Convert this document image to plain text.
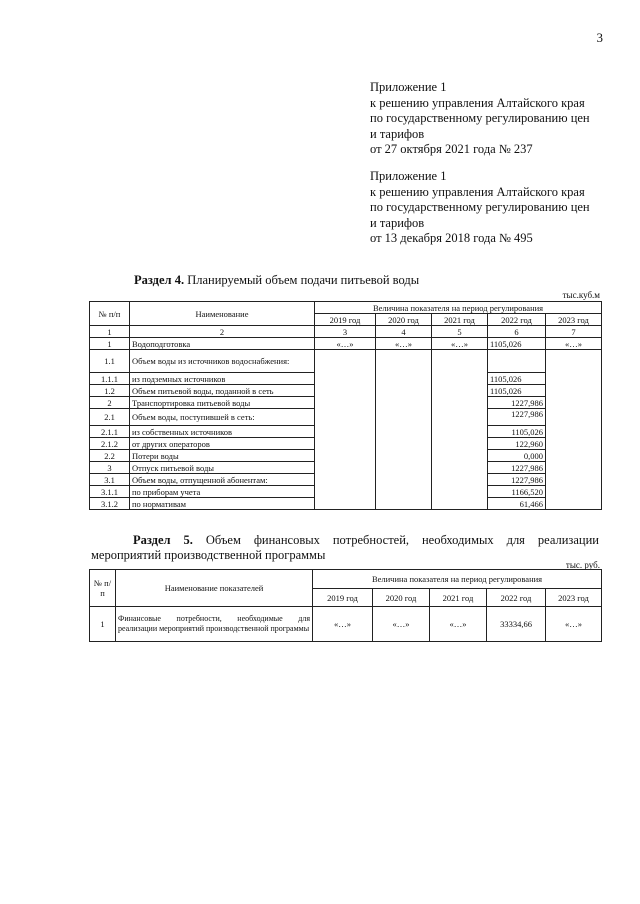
3
Приложение 1
к решению управления Алтайского края
по государственному регулированию цен
и тарифов
от 27 октября 2021 года № 237
Приложение 1
к решению управления Алтайского края
по государственному регулированию цен
и тарифов
от 13 декабря 2018 года № 495
Раздел 4. Планируемый объем подачи питьевой воды
тыс.куб.м
№ п/п	Наименование	Величина показателя на период регулирования				
		2019 год	2020 год	2021 год	2022 год	2023 год
1	2	3	4	5	6	7
1	Водоподготовка	«…»	«…»	«…»	1105,026	«…»
1.1	Объем воды из источников водоснабжения:					
1.1.1	из подземных источников				1105,026	
1.2	Объем питьевой воды, поданной в сеть				1105,026	
2	Транспортировка питьевой воды				1227,986	
2.1	Объем воды, поступившей в сеть:				1227,986	
2.1.1	из собственных источников				1105,026	
2.1.2	от других операторов				122,960	
2.2	Потери воды				0,000	
3	Отпуск питьевой воды				1227,986	
3.1	Объем воды, отпущенной абонентам:				1227,986	
3.1.1	по приборам учета				1166,520	
3.1.2	по нормативам				61,466	
Раздел 5. Объем финансовых потребностей, необходимых для реализации мероприятий производственной программы
тыс. руб.
№ п/ п	Наименование показателей	Величина показателя на период регулирования				
		2019 год	2020 год	2021 год	2022 год	2023 год
1	Финансовые потребности, необходимые для реализации мероприятий производственной программы	«…»	«…»	«…»	33334,66	«…»
